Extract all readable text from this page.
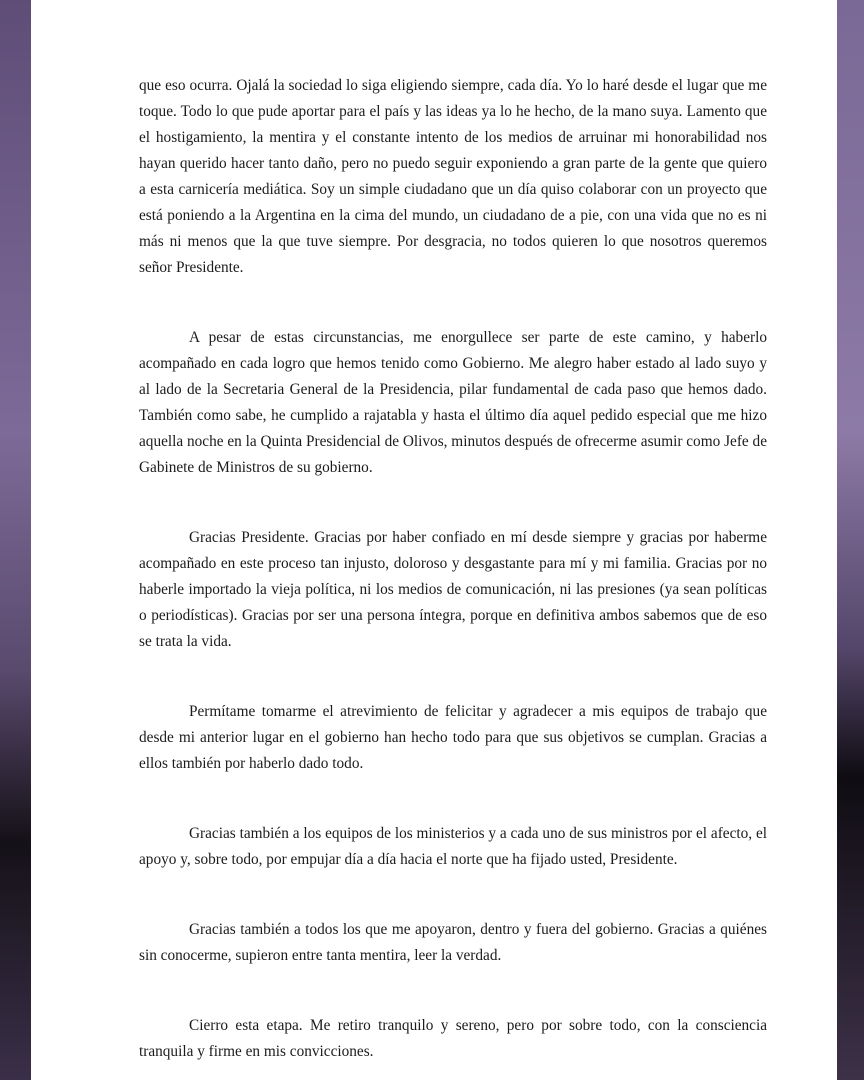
que eso ocurra. Ojalá la sociedad lo siga eligiendo siempre, cada día. Yo lo haré desde el lugar que me toque. Todo lo que pude aportar para el país y las ideas ya lo he hecho, de la mano suya. Lamento que el hostigamiento, la mentira y el constante intento de los medios de arruinar mi honorabilidad nos hayan querido hacer tanto daño, pero no puedo seguir exponiendo a gran parte de la gente que quiero a esta carnicería mediática. Soy un simple ciudadano que un día quiso colaborar con un proyecto que está poniendo a la Argentina en la cima del mundo, un ciudadano de a pie, con una vida que no es ni más ni menos que la que tuve siempre. Por desgracia, no todos quieren lo que nosotros queremos señor Presidente.

A pesar de estas circunstancias, me enorgullece ser parte de este camino, y haberlo acompañado en cada logro que hemos tenido como Gobierno. Me alegro haber estado al lado suyo y al lado de la Secretaria General de la Presidencia, pilar fundamental de cada paso que hemos dado. También como sabe, he cumplido a rajatabla y hasta el último día aquel pedido especial que me hizo aquella noche en la Quinta Presidencial de Olivos, minutos después de ofrecerme asumir como Jefe de Gabinete de Ministros de su gobierno.

Gracias Presidente. Gracias por haber confiado en mí desde siempre y gracias por haberme acompañado en este proceso tan injusto, doloroso y desgastante para mí y mi familia. Gracias por no haberle importado la vieja política, ni los medios de comunicación, ni las presiones (ya sean políticas o periodísticas). Gracias por ser una persona íntegra, porque en definitiva ambos sabemos que de eso se trata la vida.

Permítame tomarme el atrevimiento de felicitar y agradecer a mis equipos de trabajo que desde mi anterior lugar en el gobierno han hecho todo para que sus objetivos se cumplan. Gracias a ellos también por haberlo dado todo.

Gracias también a los equipos de los ministerios y a cada uno de sus ministros por el afecto, el apoyo y, sobre todo, por empujar día a día hacia el norte que ha fijado usted, Presidente.

Gracias también a todos los que me apoyaron, dentro y fuera del gobierno. Gracias a quiénes sin conocerme, supieron entre tanta mentira, leer la verdad.

Cierro esta etapa. Me retiro tranquilo y sereno, pero por sobre todo, con la consciencia tranquila y firme en mis convicciones.
